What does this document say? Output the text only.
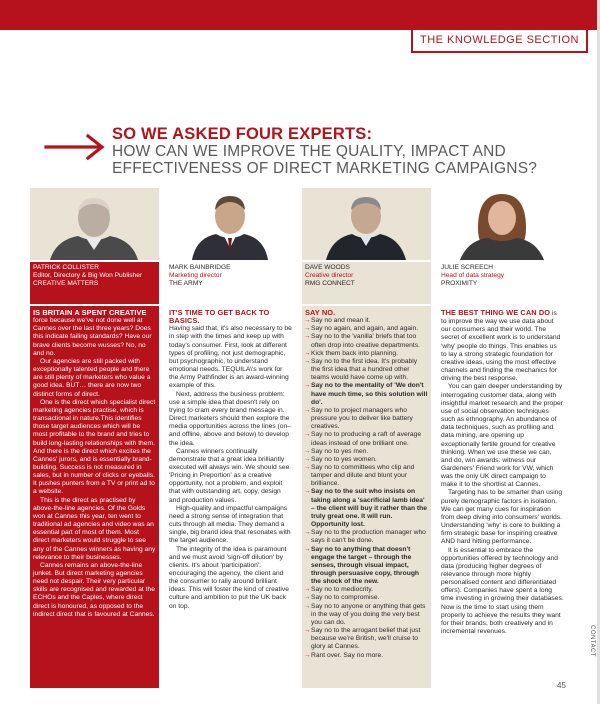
THE KNOWLEDGE SECTION
SO WE ASKED FOUR EXPERTS:
HOW CAN WE IMPROVE THE QUALITY, IMPACT AND EFFECTIVENESS OF DIRECT MARKETING CAMPAIGNS?
PATRICK COLLISTER
Editor, Directory & Big Won Publisher
CREATIVE MATTERS

IS BRITAIN A SPENT CREATIVE

force because we've not done well at Cannes over the last three years? Does this indicate failing standards? Have our brave clients become wusses? No, no and no.

Our agencies are still packed with exceptionally talented people and there are still plenty of marketers who value a good idea. BUT… there are now two distinct forms of direct.

One is the direct which specialist direct marketing agencies practise, which is transactional in nature.This identifies those target audiences which will be most profitable to the brand and tries to build long-lasting relationships with them. And there is the direct which excites the Cannes' jurors, and is essentially brand-building. Success is not measured in sales, but in number of clicks or eyeballs. It pushes punters from a TV or print ad to a website.

This is the direct as practised by above-the-line agencies. Of the Golds won at Cannes this year, ten went to traditional ad agencies and video was an essential part of most of them. Most direct marketers would struggle to see any of the Cannes winners as having any relevance to their businesses.

Cannes remains an above-the-line junket. But direct marketing agencies need not despair. Their very particular skills are recognised and rewarded at the ECHOs and the Caples, where direct direct is honoured, as opposed to the indirect direct that is favoured at Cannes.

MARK BAINBRIDGE
Marketing director
THE ARMY

IT'S TIME TO GET BACK TO BASICS.

Having said that, it's also necessary to be in step with the times and keep up with today's consumer. First, look at different types of profiling, not just demographic, but psychographic, to understand emotional needs. TEQUILA\'s work for the Army Pathfinder is an award-winning example of this.

Next, address the business problem: use a simple idea that doesn't rely on trying to cram every brand message in. Direct marketers should then explore the media opportunities across the lines (on– and offline, above and below) to develop the idea.

Cannes winners continually demonstrate that a great idea brilliantly executed will always win. We should see 'Pricing in Preportion' as a creative opportunity, not a problem, and exploit that with outstanding art, copy, design and production values.

High-quality and impactful campaigns need a strong sense of integration that cuts through all media. They demand a single, big brand idea that resonates with the target audience.

The integrity of the idea is paramount and we must avoid 'sign-off dilution' by clients. It's about 'participation': encouraging the agency, the client and the consumer to rally around brilliant ideas. This will foster the kind of creative culture and ambition to put the UK back on top.

DAVE WOODS
Creative director
RMG CONNECT

SAY NO.

→ Say no and mean it.
→ Say no again, and again, and again.
→ Say no to the 'vanilla' briefs that too often drop into creative departments.
→ Kick them back into planning.
→ Say no to the first idea. It's probably the first idea that a hundred other teams would have come up with.
→ Say no to the mentality of 'We don't have much time, so this solution will do'.
→ Say no to project managers who pressure you to deliver like battery creatives.
→ Say no to producing a raft of average ideas instead of one brilliant one.
→ Say no to yes men.
→ Say no to yes women.
→ Say no to committees who clip and tamper and dilute and blunt your brilliance.
→ Say no to the suit who insists on taking along a 'sacrificial lamb idea' – the client will buy it rather than the truly great one. It will run. Opportunity lost.
→ Say no to the production manager who says it can't be done.
→ Say no to anything that doesn't engage the target – through the senses, through visual impact, through persuasive copy, through the shock of the new.
→ Say no to mediocrity.
→ Say no to compromise.
→ Say no to anyone or anything that gets in the way of you doing the very best you can do.
→ Say no to the arrogant belief that just because we're British, we'll cruise to glory at Cannes.
→ Rant over. Say no more.
JULIE SCREECH
Head of data strategy
PROXIMITY

THE BEST THING WE CAN DO is to improve the way we use data about our consumers and their world. The secret of excellent work is to understand 'why' people do things. This enables us to lay a strong strategic foundation for creative ideas, using the most effective channels and finding the mechanics for driving the best response.

You can gain deeper understanding by interrogating customer data, along with insightful market research and the proper use of social observation techniques such as ethnography. An abundance of data techniques, such as profiling and data mining, are opening up exceptionally fertile ground for creative thinking. When we use these we can, and do, win awards: witness our Gardeners' Friend work for VW, which was the only UK direct campaign to make it to the shortlist at Cannes.

Targeting has to be smarter than using purely demographic factors in isolation. We can get many cues for inspiration from deep diving into consumers' worlds. Understanding 'why' is core to building a firm strategic base for inspiring creative AND hard hitting performance.

It is essential to embrace the opportunities offered by technology and data (producing higher degrees of relevance through more highly personalised content and differentiated offers). Companies have spent a long time investing in growing their databases. Now is the time to start using them properly to achieve the results they want for their brands, both creatively and in incremental revenues.	CONTACT
45
